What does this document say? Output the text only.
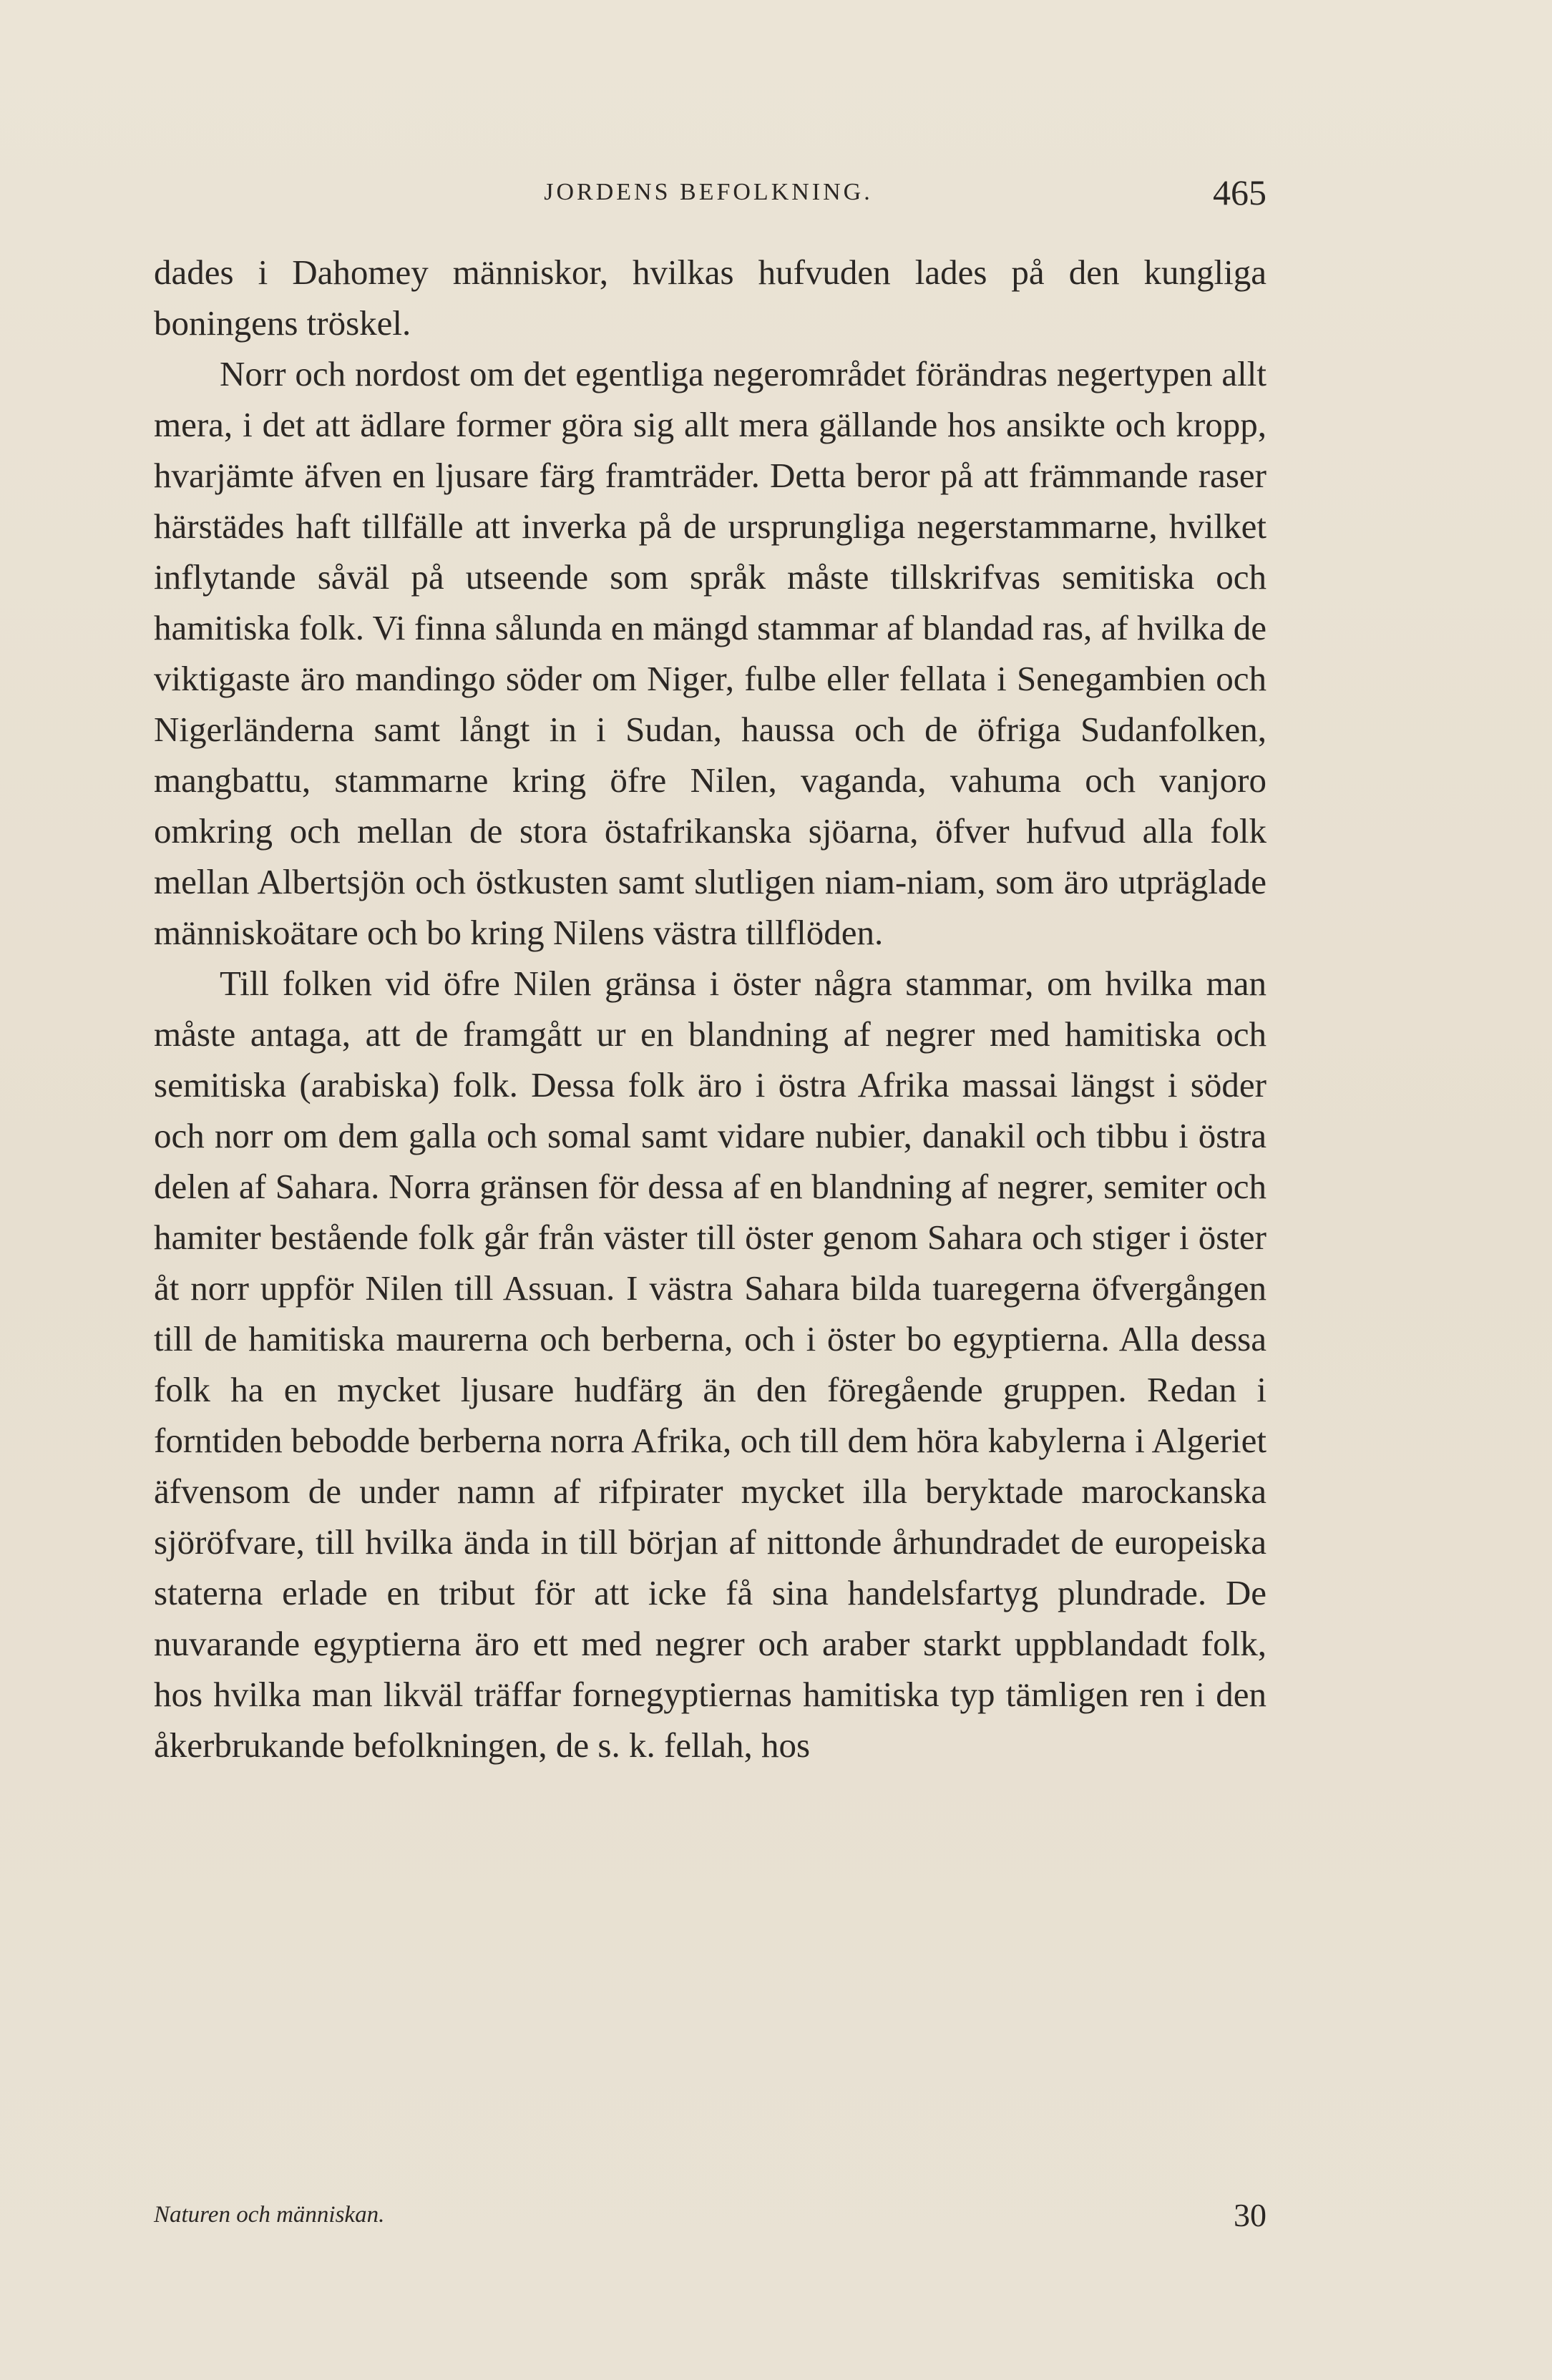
JORDENS BEFOLKNING.	465

dades i Dahomey människor, hvilkas hufvuden lades på den kungliga boningens tröskel.

Norr och nordost om det egentliga negerområdet förändras negertypen allt mera, i det att ädlare former göra sig allt mera gällande hos ansikte och kropp, hvarjämte äfven en ljusare färg framträder. Detta beror på att främmande raser härstädes haft tillfälle att inverka på de ursprungliga negerstammarne, hvilket inflytande såväl på utseende som språk måste tillskrifvas semitiska och hamitiska folk. Vi finna sålunda en mängd stammar af blandad ras, af hvilka de viktigaste äro mandingo söder om Niger, fulbe eller fellata i Senegambien och Nigerländerna samt långt in i Sudan, haussa och de öfriga Sudanfolken, mangbattu, stammarne kring öfre Nilen, vaganda, vahuma och vanjoro omkring och mellan de stora östafrikanska sjöarna, öfver hufvud alla folk mellan Albertsjön och östkusten samt slutligen niam-niam, som äro utpräglade människoätare och bo kring Nilens västra tillflöden.

Till folken vid öfre Nilen gränsa i öster några stammar, om hvilka man måste antaga, att de framgått ur en blandning af negrer med hamitiska och semitiska (arabiska) folk. Dessa folk äro i östra Afrika massai längst i söder och norr om dem galla och somal samt vidare nubier, danakil och tibbu i östra delen af Sahara. Norra gränsen för dessa af en blandning af negrer, semiter och hamiter bestående folk går från väster till öster genom Sahara och stiger i öster åt norr uppför Nilen till Assuan. I västra Sahara bilda tuaregerna öfvergången till de hamitiska maurerna och berberna, och i öster bo egyptierna. Alla dessa folk ha en mycket ljusare hudfärg än den föregående gruppen. Redan i forntiden bebodde berberna norra Afrika, och till dem höra kabylerna i Algeriet äfvensom de under namn af rifpirater mycket illa beryktade marockanska sjöröfvare, till hvilka ända in till början af nittonde århundradet de europeiska staterna erlade en tribut för att icke få sina handelsfartyg plundrade. De nuvarande egyptierna äro ett med negrer och araber starkt uppblandadt folk, hos hvilka man likväl träffar fornegyptiernas hamitiska typ tämligen ren i den åkerbrukande befolkningen, de s. k. fellah, hos

Naturen och människan.	30
